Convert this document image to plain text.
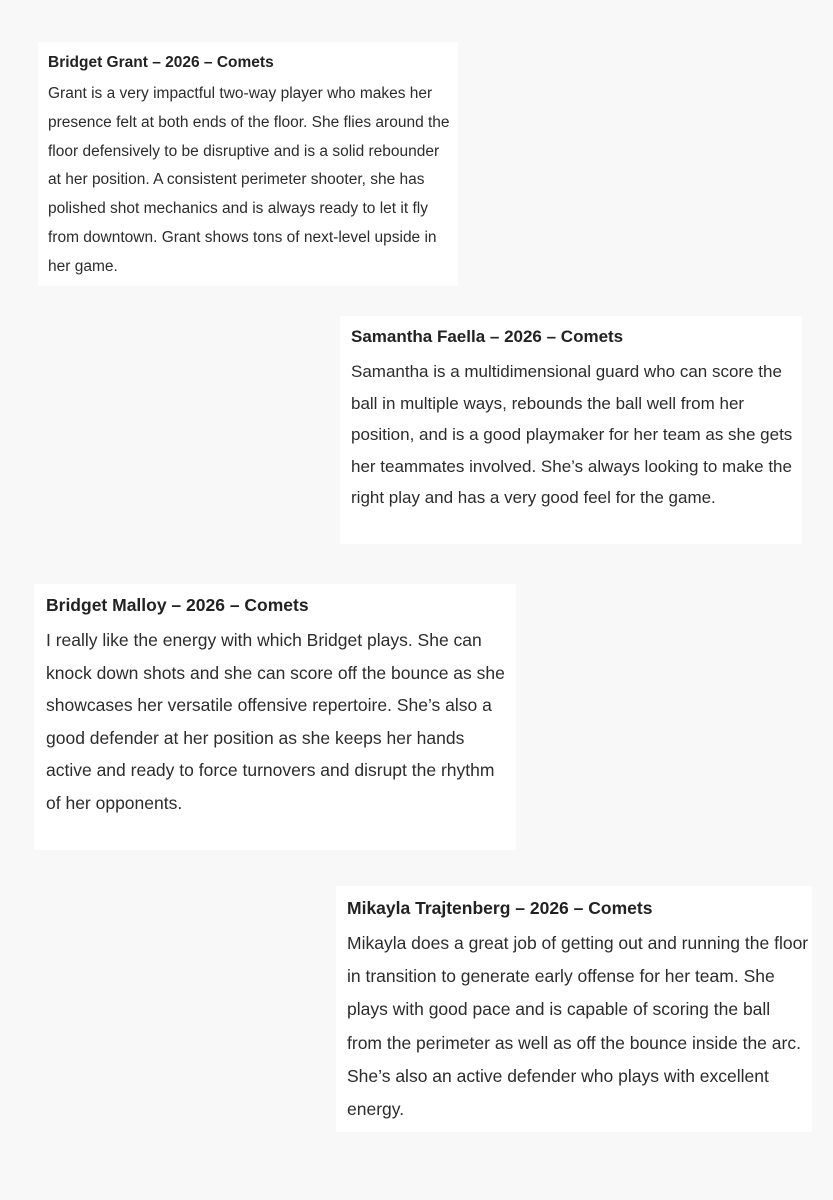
Bridget Grant – 2026 – Comets
Grant is a very impactful two-way player who makes her presence felt at both ends of the floor. She flies around the floor defensively to be disruptive and is a solid rebounder at her position. A consistent perimeter shooter, she has polished shot mechanics and is always ready to let it fly from downtown. Grant shows tons of next-level upside in her game.
Samantha Faella – 2026 – Comets
Samantha is a multidimensional guard who can score the ball in multiple ways, rebounds the ball well from her position, and is a good playmaker for her team as she gets her teammates involved. She’s always looking to make the right play and has a very good feel for the game.
Bridget Malloy – 2026 – Comets
I really like the energy with which Bridget plays. She can knock down shots and she can score off the bounce as she showcases her versatile offensive repertoire. She’s also a good defender at her position as she keeps her hands active and ready to force turnovers and disrupt the rhythm of her opponents.
Mikayla Trajtenberg – 2026 – Comets
Mikayla does a great job of getting out and running the floor in transition to generate early offense for her team. She plays with good pace and is capable of scoring the ball from the perimeter as well as off the bounce inside the arc. She’s also an active defender who plays with excellent energy.
